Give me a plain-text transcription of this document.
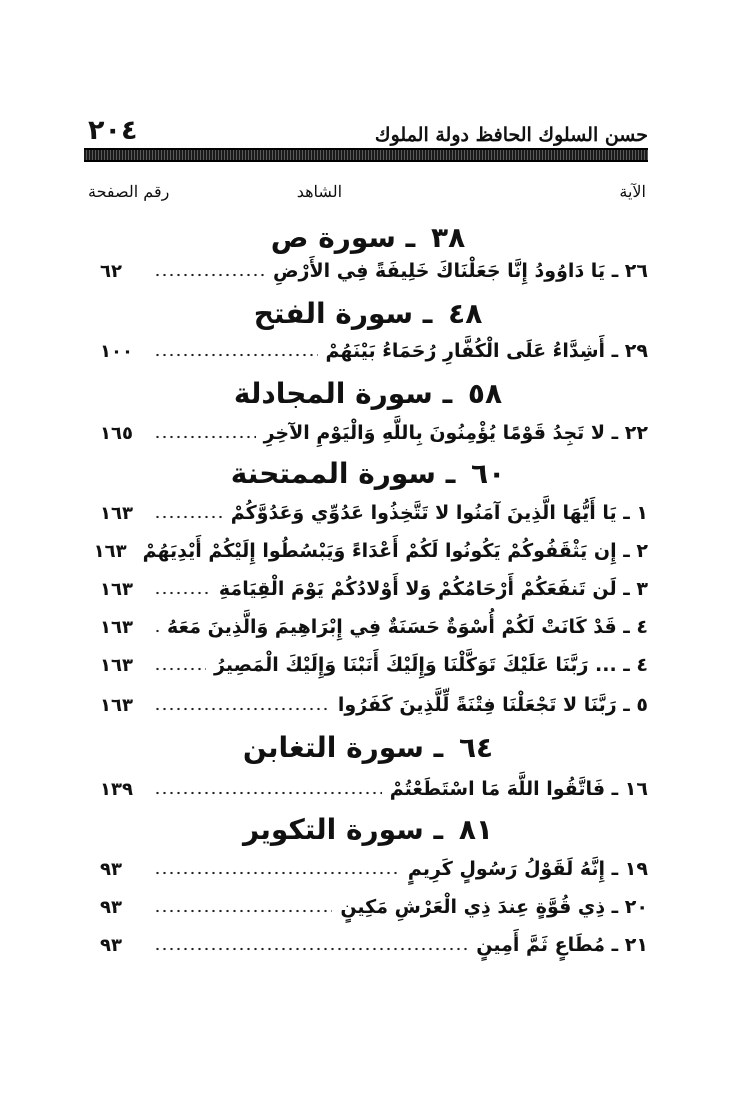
حسن السلوك الحافظ دولة الملوك
٢٠٤
الآية
الشاهد
رقم الصفحة
٣٨ ـ سورة ص
٢٦ ـ يَا دَاوُودُ إِنَّا جَعَلْنَاكَ خَلِيفَةً فِي الأَرْضِ
٦٢
٤٨ ـ سورة الفتح
٢٩ ـ أَشِدَّاءُ عَلَى الْكُفَّارِ رُحَمَاءُ بَيْنَهُمْ
١٠٠
٥٨ ـ سورة المجادلة
٢٢ ـ لا تَجِدُ قَوْمًا يُؤْمِنُونَ بِاللَّهِ وَالْيَوْمِ الآخِرِ
١٦٥
٦٠ ـ سورة الممتحنة
١ ـ يَا أَيُّهَا الَّذِينَ آمَنُوا لا تَتَّخِذُوا عَدُوِّي وَعَدُوَّكُمْ
١٦٣
٢ ـ إِن يَثْقَفُوكُمْ يَكُونُوا لَكُمْ أَعْدَاءً وَيَبْسُطُوا إِلَيْكُمْ أَيْدِيَهُمْ
١٦٣
٣ ـ لَن تَنفَعَكُمْ أَرْحَامُكُمْ وَلا أَوْلادُكُمْ يَوْمَ الْقِيَامَةِ
١٦٣
٤ ـ قَدْ كَانَتْ لَكُمْ أُسْوَةٌ حَسَنَةٌ فِي إِبْرَاهِيمَ وَالَّذِينَ مَعَهُ
١٦٣
٤ ـ ... رَبَّنَا عَلَيْكَ تَوَكَّلْنَا وَإِلَيْكَ أَنَبْنَا وَإِلَيْكَ الْمَصِيرُ
١٦٣
٥ ـ رَبَّنَا لا تَجْعَلْنَا فِتْنَةً لِّلَّذِينَ كَفَرُوا
١٦٣
٦٤ ـ سورة التغابن
١٦ ـ فَاتَّقُوا اللَّهَ مَا اسْتَطَعْتُمْ
١٣٩
٨١ ـ سورة التكوير
١٩ ـ إِنَّهُ لَقَوْلُ رَسُولٍ كَرِيمٍ
٩٣
٢٠ ـ ذِي قُوَّةٍ عِندَ ذِي الْعَرْشِ مَكِينٍ
٩٣
٢١ ـ مُطَاعٍ ثَمَّ أَمِينٍ
٩٣
